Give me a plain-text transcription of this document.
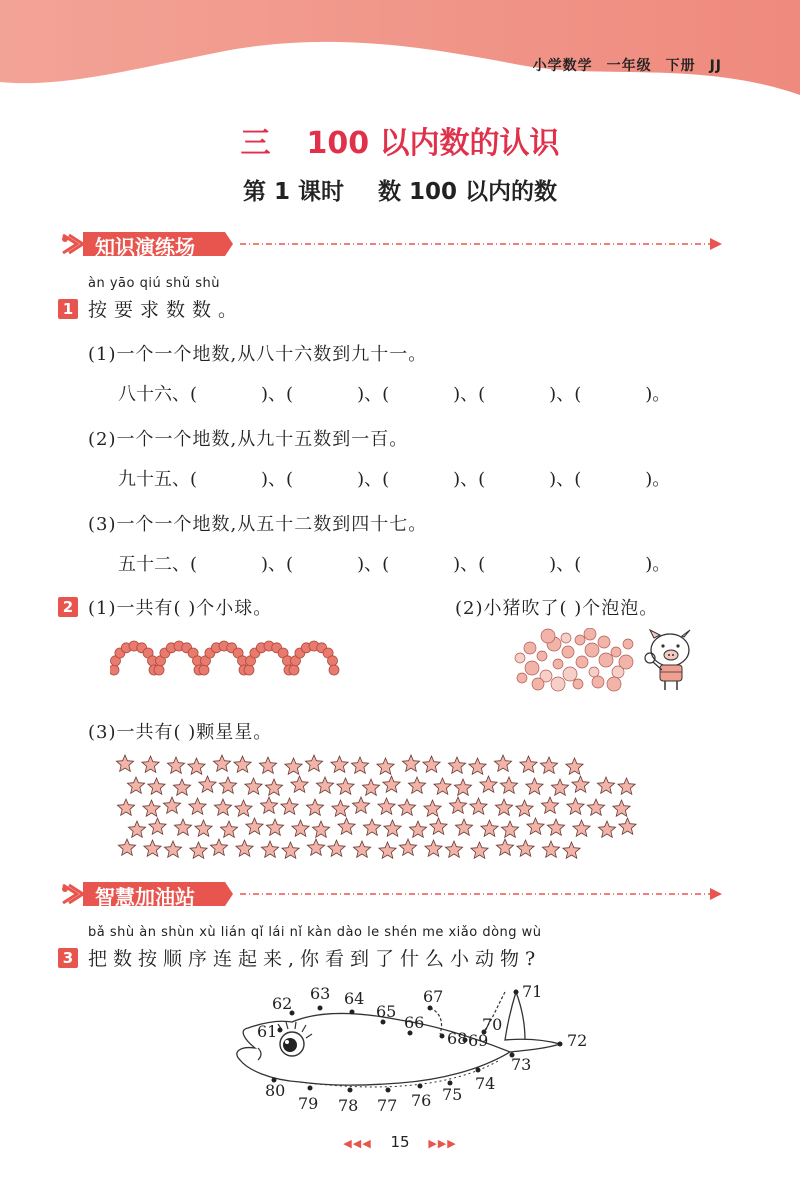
小学数学 一年级 下册 JJ
三 100 以内数的认识
第 1 课时 数 100 以内的数
知识演练场
àn yāo qiú shǔ shù
1 按要求数数。
(1)一个一个地数,从八十六数到九十一。
八十六、(	)、(	)、(	)、(	)、(	)。
(2)一个一个地数,从九十五数到一百。
九十五、(	)、(	)、(	)、(	)、(	)。
(3)一个一个地数,从五十二数到四十七。
五十二、(	)、(	)、(	)、(	)、(	)。
2 (1)一共有( )个小球。	(2)小猪吹了( )个泡泡。
(3)一共有( )颗星星。
智慧加油站
bǎ shù àn shùn xù lián qǐ lái nǐ kàn dào le shén me xiǎo dòng wù
3 把数按顺序连起来,你看到了什么小动物?
61
62
63 64
65
66
67
68 69
70
71
72
73
74
75
76
77
78
79
80
◀◀◀ 15 ▶▶▶
